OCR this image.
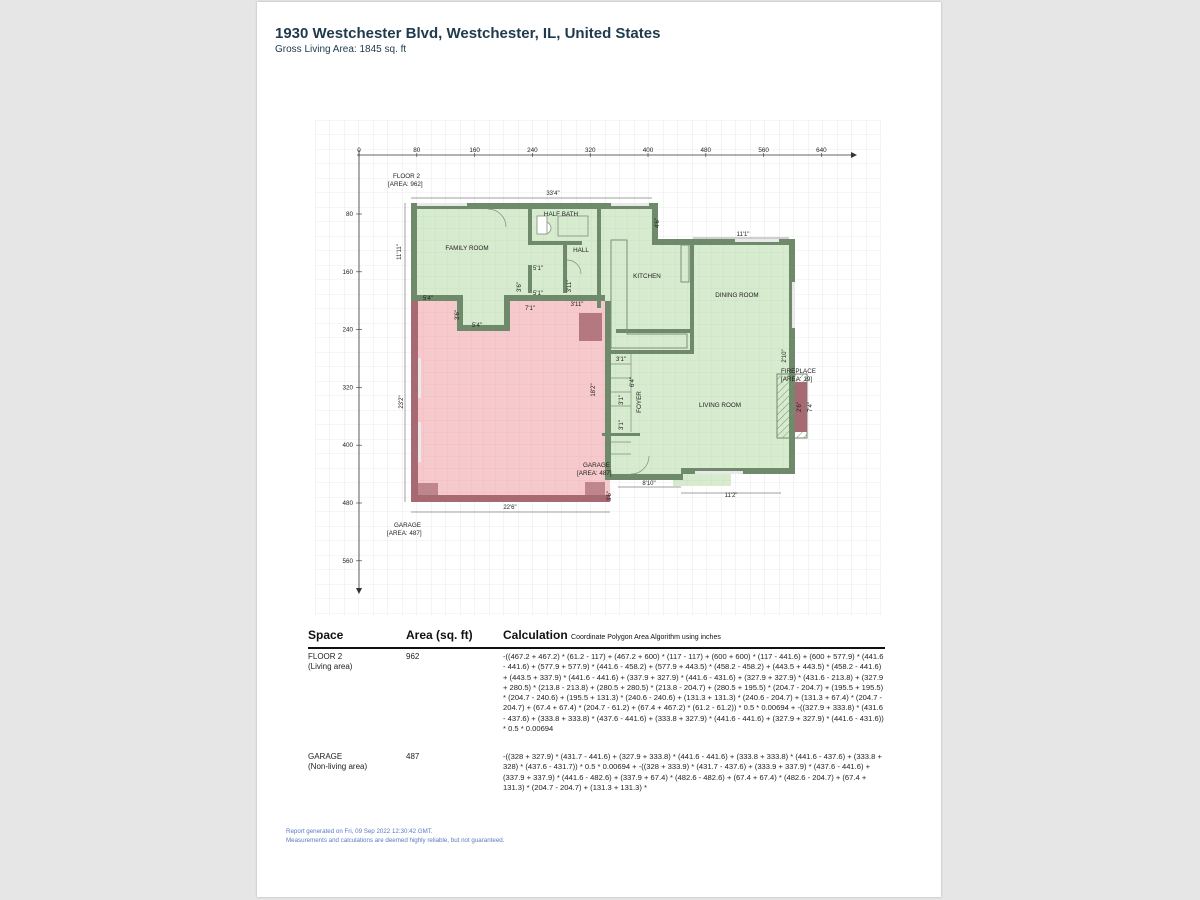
1930 Westchester Blvd, Westchester, IL, United States
Gross Living Area: 1845 sq. ft
0	80	160	240	320	400	480	560	640
80
160
240
320
400
480
560
HALF BATH
FAMILY ROOM	HALL
KITCHEN
DINING ROOM
LIVING ROOM
FOYER
FLOOR 2
[AREA: 962]
GARAGE
[AREA: 487]
GARAGE
[AREA: 487]
FIREPLACE
[AREA: 19]
33'4"
11'1"
11'11"
5'1"
5'1"
3'6"	3'11"
3'11"
5'4"
3'6"
5'4"
7'1"
23'2"
18'2"
22'6"
3'6"
3'1"
6'4"
3'1"
3'1"
4'6"
2'10"
7'4"
2'6"
8'10"
11'2"
Space	Area (sq. ft)	Calculation Coordinate Polygon Area Algorithm using inches
FLOOR 2
(Living area)
962	-((467.2 + 467.2) * (61.2 - 117) + (467.2 + 600) * (117 - 117) + (600 + 600) * (117 - 441.6) + (600 + 577.9) * (441.6 - 441.6) + (577.9 + 577.9) * (441.6 - 458.2) + (577.9 + 443.5) * (458.2 - 458.2) + (443.5 + 443.5) * (458.2 - 441.6) + (443.5 + 337.9) * (441.6 - 441.6) + (337.9 + 327.9) * (441.6 - 431.6) + (327.9 + 327.9) * (431.6 - 213.8) + (327.9 + 280.5) * (213.8 - 213.8) + (280.5 + 280.5) * (213.8 - 204.7) + (280.5 + 195.5) * (204.7 - 204.7) + (195.5 + 195.5) * (204.7 - 240.6) + (195.5 + 131.3) * (240.6 - 240.6) + (131.3 + 131.3) * (240.6 - 204.7) + (131.3 + 67.4) * (204.7 - 204.7) + (67.4 + 67.4) * (204.7 - 61.2) + (67.4 + 467.2) * (61.2 - 61.2)) * 0.5 * 0.00694 + -((327.9 + 333.8) * (431.6 - 437.6) + (333.8 + 333.8) * (437.6 - 441.6) + (333.8 + 327.9) * (441.6 - 441.6) + (327.9 + 327.9) * (441.6 - 431.6)) * 0.5 * 0.00694
GARAGE
(Non-living area)
487	-((328 + 327.9) * (431.7 - 441.6) + (327.9 + 333.8) * (441.6 - 441.6) + (333.8 + 333.8) * (441.6 - 437.6) + (333.8 + 328) * (437.6 - 431.7)) * 0.5 * 0.00694 + -((328 + 333.9) * (431.7 - 437.6) + (333.9 + 337.9) * (437.6 - 441.6) + (337.9 + 337.9) * (441.6 - 482.6) + (337.9 + 67.4) * (482.6 - 482.6) + (67.4 + 67.4) * (482.6 - 204.7) + (67.4 + 131.3) * (204.7 - 204.7) + (131.3 + 131.3) *
Report generated on Fri, 09 Sep 2022 12:30:42 GMT.
Measurements and calculations are deemed highly reliable, but not guaranteed.
